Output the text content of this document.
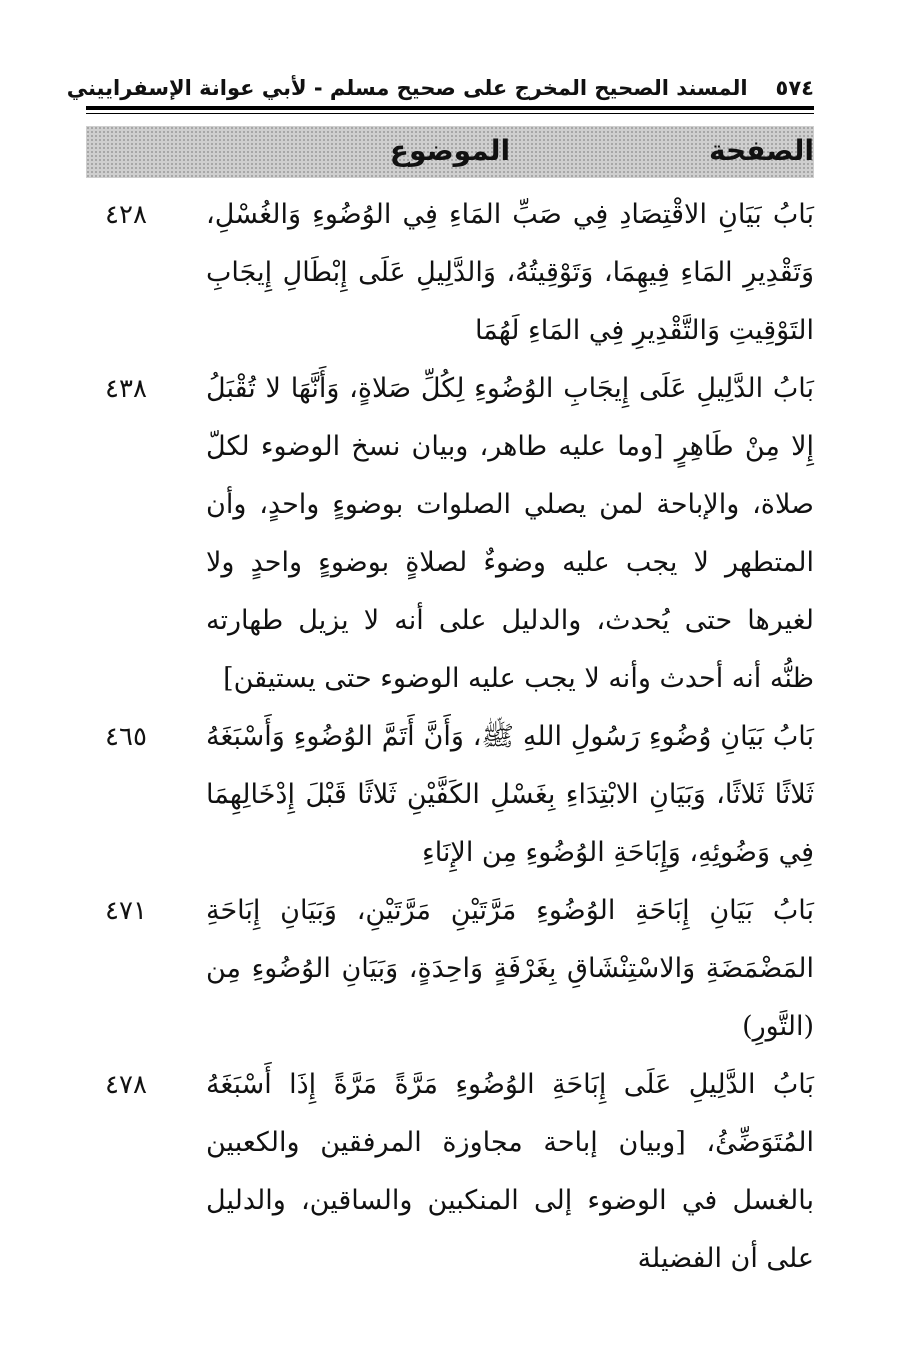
٥٧٤
المسند الصحيح المخرج على صحيح مسلم - لأبي عوانة الإسفراييني
الصفحة
الموضوع
بَابُ بَيَانِ الاقْتِصَادِ فِي صَبِّ المَاءِ فِي الوُضُوءِ وَالغُسْلِ، وَتَقْدِيرِ المَاءِ فِيهِمَا، وَتَوْقِيتُهُ، وَالدَّلِيلِ عَلَى إِبْطَالِ إِيجَابِ التَوْقِيتِ وَالتَّقْدِيرِ فِي المَاءِ لَهُمَا
٤٢٨
بَابُ الدَّلِيلِ عَلَى إِيجَابِ الوُضُوءِ لِكُلِّ صَلاةٍ، وَأَنَّهَا لا تُقْبَلُ إِلا مِنْ طَاهِرٍ [وما عليه طاهر، وبيان نسخ الوضوء لكلّ صلاة، والإباحة لمن يصلي الصلوات بوضوءٍ واحدٍ، وأن المتطهر لا يجب عليه وضوءٌ لصلاةٍ بوضوءٍ واحدٍ ولا لغيرها حتى يُحدث، والدليل على أنه لا يزيل طهارته ظنُّه أنه أحدث وأنه لا يجب عليه الوضوء حتى يستيقن]
٤٣٨
بَابُ بَيَانِ وُضُوءِ رَسُولِ اللهِ ﷺ، وَأَنَّ أَتَمَّ الوُضُوءِ وَأَسْبَغَهُ ثَلاثًا ثَلاثًا، وَبَيَانِ الابْتِدَاءِ بِغَسْلِ الكَفَّيْنِ ثَلاثًا قَبْلَ إِدْخَالِهِمَا فِي وَضُوئِهِ، وَإِبَاحَةِ الوُضُوءِ مِن الإِنَاءِ
٤٦٥
بَابُ بَيَانِ إِبَاحَةِ الوُضُوءِ مَرَّتَيْنِ مَرَّتَيْنِ، وَبَيَانِ إِبَاحَةِ المَضْمَضَةِ وَالاسْتِنْشَاقِ بِغَرْفَةٍ وَاحِدَةٍ، وَبَيَانِ الوُضُوءِ مِن (التَّورِ)
٤٧١
بَابُ الدَّلِيلِ عَلَى إِبَاحَةِ الوُضُوءِ مَرَّةً مَرَّةً إِذَا أَسْبَغَهُ المُتَوَضِّئُ، [وبيان إباحة مجاوزة المرفقين والكعبين بالغسل في الوضوء إلى المنكبين والساقين، والدليل على أن الفضيلة
٤٧٨
